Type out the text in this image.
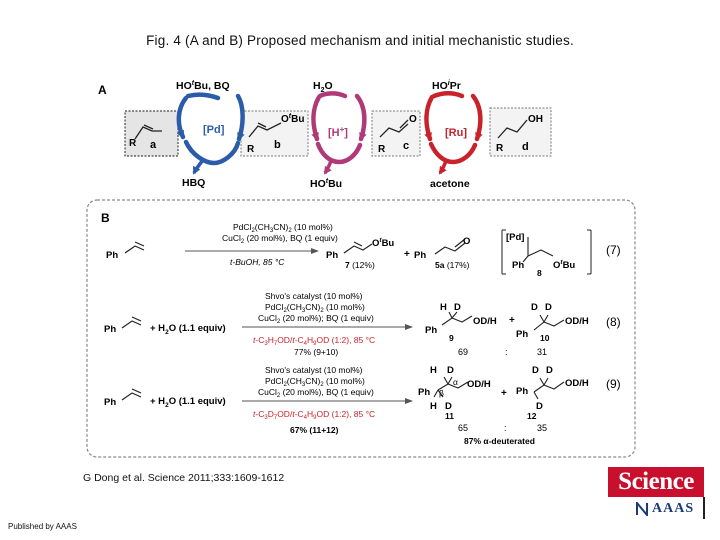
Fig. 4 (A and B) Proposed mechanism and initial mechanistic studies.
A	$HO^tBu$, BQ	$H_2O$	$HO^iPr$
HBQ	$HO^tBu$	acetone
R a	R
$O^tBu$
b	R
O
c	R
OH
d
[Pd]	[H+]	[Ru]
B
Ph
$PdCl_2(CH_3CN)_2$ (10 mol%)
CuCl$_2$ (20 mol%), BQ (1 equiv)
t-BuOH, 85 °C
Ph
$O^tBu$
7 (12%)
+ Ph
O
5a (17%)
[Pd]
Ph	$O^tBu$
8
(7)
Ph	+ $H_2O$ (1.1 equiv)
Shvo's catalyst (10 mol%)
$PdCl_2(CH_3CN)_2$ (10 mol%)
CuCl$_2$ (20 mol%); BQ (1 equiv)
$t-C_3H_7OD/t-C_4H_9OD$ (1:2), 85 °C
77% (9+10)
H D
OD/H
Ph
9
+
D D
OD/H
Ph 10
69	:	31
(8)
Ph	+ $H_2O$ (1.1 equiv)
Shvo's catalyst (10 mol%)
$PdCl_2(CH_3CN)_2$ (10 mol%)
CuCl$_2$ (20 mol%), BQ (1 equiv)
$t-C_3D_7OD/t-C_4H_9OD$ (1:2), 85 °C
67% (11+12)
H D
α OD/H
Ph β
H D
11
+
D D
OD/H
Ph
12
D
65	:	35
87% α-deuterated
(9)
G Dong et al. Science 2011;333:1609-1612
Published by AAAS
Science
AAAS
